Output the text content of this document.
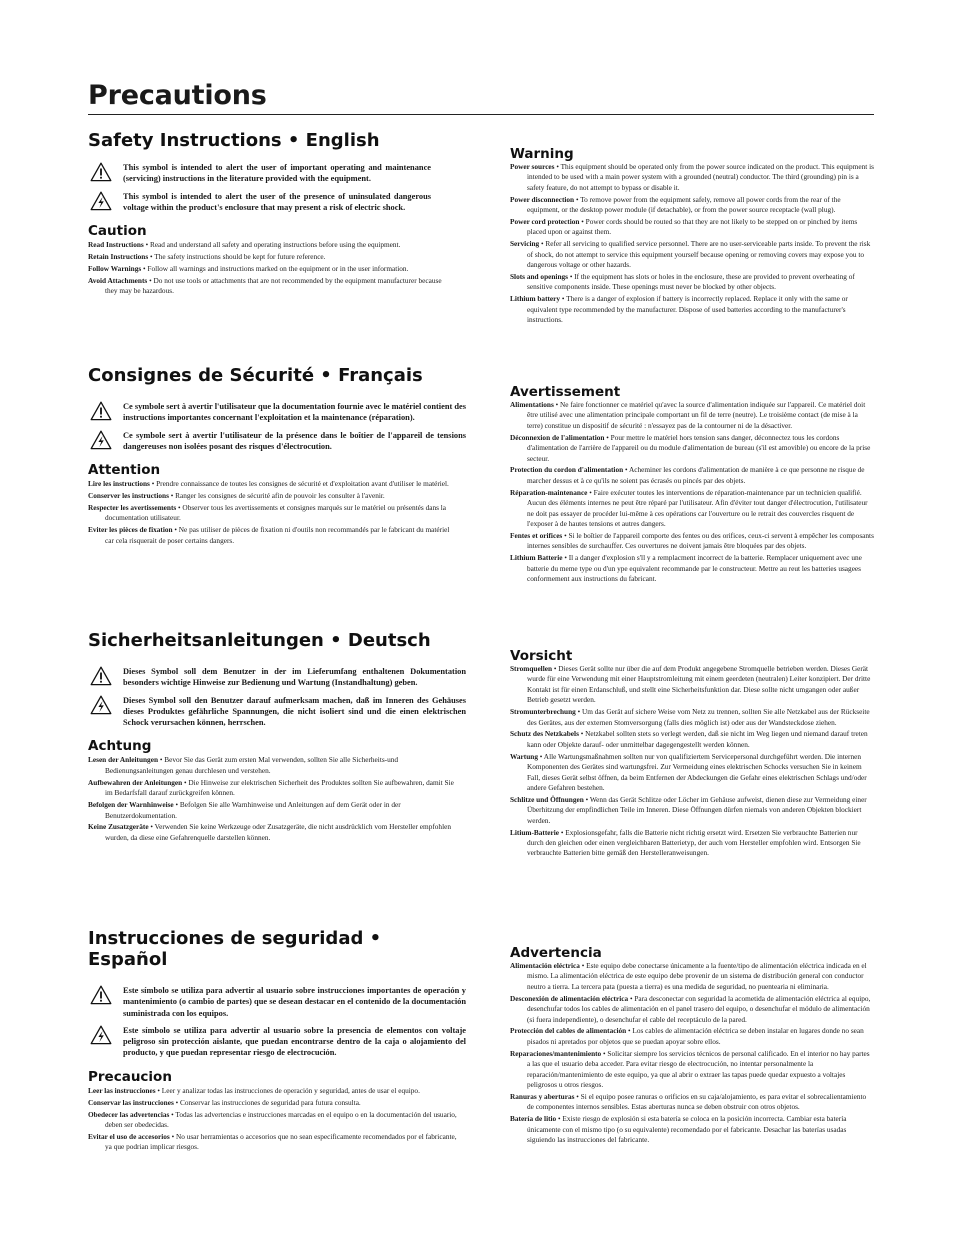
Precautions
Safety Instructions • English
This symbol is intended to alert the user of important operating and maintenance (servicing) instructions in the literature provided with the equipment.
This symbol is intended to alert the user of the presence of uninsulated dangerous voltage within the product's enclosure that may present a risk of electric shock.
Caution
Read Instructions • Read and understand all safety and operating instructions before using the equipment.
Retain Instructions • The safety instructions should be kept for future reference.
Follow Warnings • Follow all warnings and instructions marked on the equipment or in the user information.
Avoid Attachments • Do not use tools or attachments that are not recommended by the equipment manufacturer because they may be hazardous.
Warning
Power sources • This equipment should be operated only from the power source indicated on the product. This equipment is intended to be used with a main power system with a grounded (neutral) conductor. The third (grounding) pin is a safety feature, do not attempt to bypass or disable it.
Power disconnection • To remove power from the equipment safely, remove all power cords from the rear of the equipment, or the desktop power module (if detachable), or from the power source receptacle (wall plug).
Power cord protection • Power cords should be routed so that they are not likely to be stepped on or pinched by items placed upon or against them.
Servicing • Refer all servicing to qualified service personnel. There are no user-serviceable parts inside. To prevent the risk of shock, do not attempt to service this equipment yourself because opening or removing covers may expose you to dangerous voltage or other hazards.
Slots and openings • If the equipment has slots or holes in the enclosure, these are provided to prevent overheating of sensitive components inside. These openings must never be blocked by other objects.
Lithium battery • There is a danger of explosion if battery is incorrectly replaced. Replace it only with the same or equivalent type recommended by the manufacturer. Dispose of used batteries according to the manufacturer's instructions.
Consignes de Sécurité • Français
Ce symbole sert à avertir l'utilisateur que la documentation fournie avec le matériel contient des instructions importantes concernant l'exploitation et la maintenance (réparation).
Ce symbole sert à avertir l'utilisateur de la présence dans le boîtier de l'appareil de tensions dangereuses non isolées posant des risques d'électrocution.
Attention
Lire les instructions • Prendre connaissance de toutes les consignes de sécurité et d'exploitation avant d'utiliser le matériel.
Conserver les instructions • Ranger les consignes de sécurité afin de pouvoir les consulter à l'avenir.
Respecter les avertissements • Observer tous les avertissements et consignes marqués sur le matériel ou présentés dans la documentation utilisateur.
Eviter les pièces de fixation • Ne pas utiliser de pièces de fixation ni d'outils non recommandés par le fabricant du matériel car cela risquerait de poser certains dangers.
Avertissement
Alimentations • Ne faire fonctionner ce matériel qu'avec la source d'alimentation indiquée sur l'appareil. Ce matériel doit être utilisé avec une alimentation principale comportant un fil de terre (neutre). Le troisième contact (de mise à la terre) constitue un dispositif de sécurité : n'essayez pas de la contourner ni de la désactiver.
Déconnexion de l'alimentation • Pour mettre le matériel hors tension sans danger, déconnectez tous les cordons d'alimentation de l'arrière de l'appareil ou du module d'alimentation de bureau (s'il est amovible) ou encore de la prise secteur.
Protection du cordon d'alimentation • Acheminer les cordons d'alimentation de manière à ce que personne ne risque de marcher dessus et à ce qu'ils ne soient pas écrasés ou pincés par des objets.
Réparation-maintenance • Faire exécuter toutes les interventions de réparation-maintenance par un technicien qualifié. Aucun des éléments internes ne peut être réparé par l'utilisateur. Afin d'éviter tout danger d'électrocution, l'utilisateur ne doit pas essayer de procéder lui-même à ces opérations car l'ouverture ou le retrait des couvercles risquent de l'exposer à de hautes tensions et autres dangers.
Fentes et orifices • Si le boîtier de l'appareil comporte des fentes ou des orifices, ceux-ci servent à empêcher les composants internes sensibles de surchauffer. Ces ouvertures ne doivent jamais être bloquées par des objets.
Lithium Batterie • Il a danger d'explosion s'll y a remplacment incorrect de la batterie. Remplacer uniquement avec une batterie du meme type ou d'un ype equivalent recommande par le constructeur. Mettre au reut les batteries usagees conformement aux instructions du fabricant.
Sicherheitsanleitungen • Deutsch
Dieses Symbol soll dem Benutzer in der im Lieferumfang enthaltenen Dokumentation besonders wichtige Hinweise zur Bedienung und Wartung (Instandhaltung) geben.
Dieses Symbol soll den Benutzer darauf aufmerksam machen, daß im Inneren des Gehäuses dieses Produktes gefährliche Spannungen, die nicht isoliert sind und die einen elektrischen Schock verursachen können, herrschen.
Achtung
Lesen der Anleitungen • Bevor Sie das Gerät zum ersten Mal verwenden, sollten Sie alle Sicherheits-und Bedienungsanleitungen genau durchlesen und verstehen.
Aufbewahren der Anleitungen • Die Hinweise zur elektrischen Sicherheit des Produktes sollten Sie aufbewahren, damit Sie im Bedarfsfall darauf zurückgreifen können.
Befolgen der Warnhinweise • Befolgen Sie alle Warnhinweise und Anleitungen auf dem Gerät oder in der Benutzerdokumentation.
Keine Zusatzgeräte • Verwenden Sie keine Werkzeuge oder Zusatzgeräte, die nicht ausdrücklich vom Hersteller empfohlen wurden, da diese eine Gefahrenquelle darstellen können.
Vorsicht
Stromquellen • Dieses Gerät sollte nur über die auf dem Produkt angegebene Stromquelle betrieben werden. Dieses Gerät wurde für eine Verwendung mit einer Hauptstromleitung mit einem geerdeten (neutralen) Leiter konzipiert. Der dritte Kontakt ist für einen Erdanschluß, und stellt eine Sicherheitsfunktion dar. Diese sollte nicht umgangen oder außer Betrieb gesetzt werden.
Stromunterbrechung • Um das Gerät auf sichere Weise vom Netz zu trennen, sollten Sie alle Netzkabel aus der Rückseite des Gerätes, aus der externen Stomversorgung (falls dies möglich ist) oder aus der Wandsteckdose ziehen.
Schutz des Netzkabels • Netzkabel sollten stets so verlegt werden, daß sie nicht im Weg liegen und niemand darauf treten kann oder Objekte darauf- oder unmittelbar dagegengestellt werden können.
Wartung • Alle Wartungsmaßnahmen sollten nur von qualifiziertem Servicepersonal durchgeführt werden. Die internen Komponenten des Gerätes sind wartungsfrei. Zur Vermeidung eines elektrischen Schocks versuchen Sie in keinem Fall, dieses Gerät selbst öffnen, da beim Entfernen der Abdeckungen die Gefahr eines elektrischen Schlags und/oder andere Gefahren bestehen.
Schlitze und Öffnungen • Wenn das Gerät Schlitze oder Löcher im Gehäuse aufweist, dienen diese zur Vermeidung einer Überhitzung der empfindlichen Teile im Inneren. Diese Öffnungen dürfen niemals von anderen Objekten blockiert werden.
Litium-Batterie • Explosionsgefahr, falls die Batterie nicht richtig ersetzt wird. Ersetzen Sie verbrauchte Batterien nur durch den gleichen oder einen vergleichbaren Batterietyp, der auch vom Hersteller empfohlen wird. Entsorgen Sie verbrauchte Batterien bitte gemäß den Herstelleranweisungen.
Instrucciones de seguridad • Español
Este símbolo se utiliza para advertir al usuario sobre instrucciones importantes de operación y mantenimiento (o cambio de partes) que se desean destacar en el contenido de la documentación suministrada con los equipos.
Este símbolo se utiliza para advertir al usuario sobre la presencia de elementos con voltaje peligroso sin protección aislante, que puedan encontrarse dentro de la caja o alojamiento del producto, y que puedan representar riesgo de electrocución.
Precaucion
Leer las instrucciones • Leer y analizar todas las instrucciones de operación y seguridad, antes de usar el equipo.
Conservar las instrucciones • Conservar las instrucciones de seguridad para futura consulta.
Obedecer las advertencias • Todas las advertencias e instrucciones marcadas en el equipo o en la documentación del usuario, deben ser obedecidas.
Evitar el uso de accesorios • No usar herramientas o accesorios que no sean especificamente recomendados por el fabricante, ya que podrian implicar riesgos.
Advertencia
Alimentación eléctrica • Este equipo debe conectarse únicamente a la fuente/tipo de alimentación eléctrica indicada en el mismo. La alimentación eléctrica de este equipo debe provenir de un sistema de distribución general con conductor neutro a tierra. La tercera pata (puesta a tierra) es una medida de seguridad, no puentearia ni eliminaria.
Desconexión de alimentación eléctrica • Para desconectar con seguridad la acometida de alimentación eléctrica al equipo, desenchufar todos los cables de alimentación en el panel trasero del equipo, o desenchufar el módulo de alimentación (si fuera independiente), o desenchufar el cable del receptáculo de la pared.
Protección del cables de alimentación • Los cables de alimentación eléctrica se deben instalar en lugares donde no sean pisados ni apretados por objetos que se puedan apoyar sobre ellos.
Reparaciones/mantenimiento • Solicitar siempre los servicios técnicos de personal calificado. En el interior no hay partes a las que el usuario deba acceder. Para evitar riesgo de electrocución, no intentar personalmente la reparación/mantenimiento de este equipo, ya que al abrir o extraer las tapas puede quedar expuesto a voltajes peligrosos u otros riesgos.
Ranuras y aberturas • Si el equipo posee ranuras o orificios en su caja/alojamiento, es para evitar el sobrecalientamiento de componentes internos sensibles. Estas aberturas nunca se deben obstruir con otros objetos.
Batería de litio • Existe riesgo de explosión si esta batería se coloca en la posición incorrecta. Cambiar esta batería únicamente con el mismo tipo (o su equivalente) recomendado por el fabricante. Desachar las baterías usadas siguiendo las instrucciones del fabricante.
